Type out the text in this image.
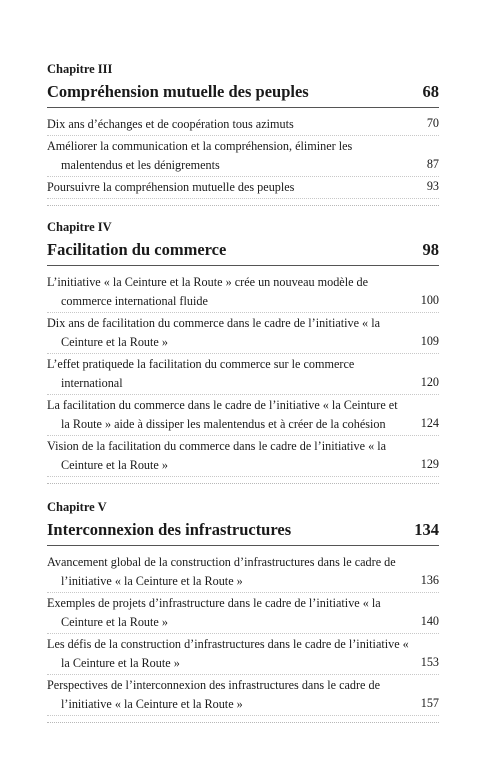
Chapitre III
Compréhension mutuelle des peuples	68
Dix ans d’échanges et de coopération tous azimuts	70
Améliorer la communication et la compréhension, éliminer les malentendus et les dénigrements	87
Poursuivre la compréhension mutuelle des peuples	93
Chapitre IV
Facilitation du commerce	98
L’initiative « la Ceinture et la Route » crée un nouveau modèle de commerce international fluide	100
Dix ans de facilitation du commerce dans le cadre de l’initiative « la Ceinture et la Route »	109
L’effet pratiquede la facilitation du commerce sur le commerce international	120
La facilitation du commerce dans le cadre de l’initiative « la Ceinture et la Route » aide à dissiper les malentendus et à créer de la cohésion	124
Vision de la facilitation du commerce dans le cadre de l’initiative « la Ceinture et la Route »	129
Chapitre V
Interconnexion des infrastructures	134
Avancement global de la construction d’infrastructures dans le cadre de l’initiative « la Ceinture et la Route »	136
Exemples de projets d’infrastructure dans le cadre de l’initiative « la Ceinture et la Route »	140
Les défis de la construction d’infrastructures dans le cadre de l’initiative « la Ceinture et la Route »	153
Perspectives de l’interconnexion des infrastructures dans le cadre de l’initiative « la Ceinture et la Route »	157
